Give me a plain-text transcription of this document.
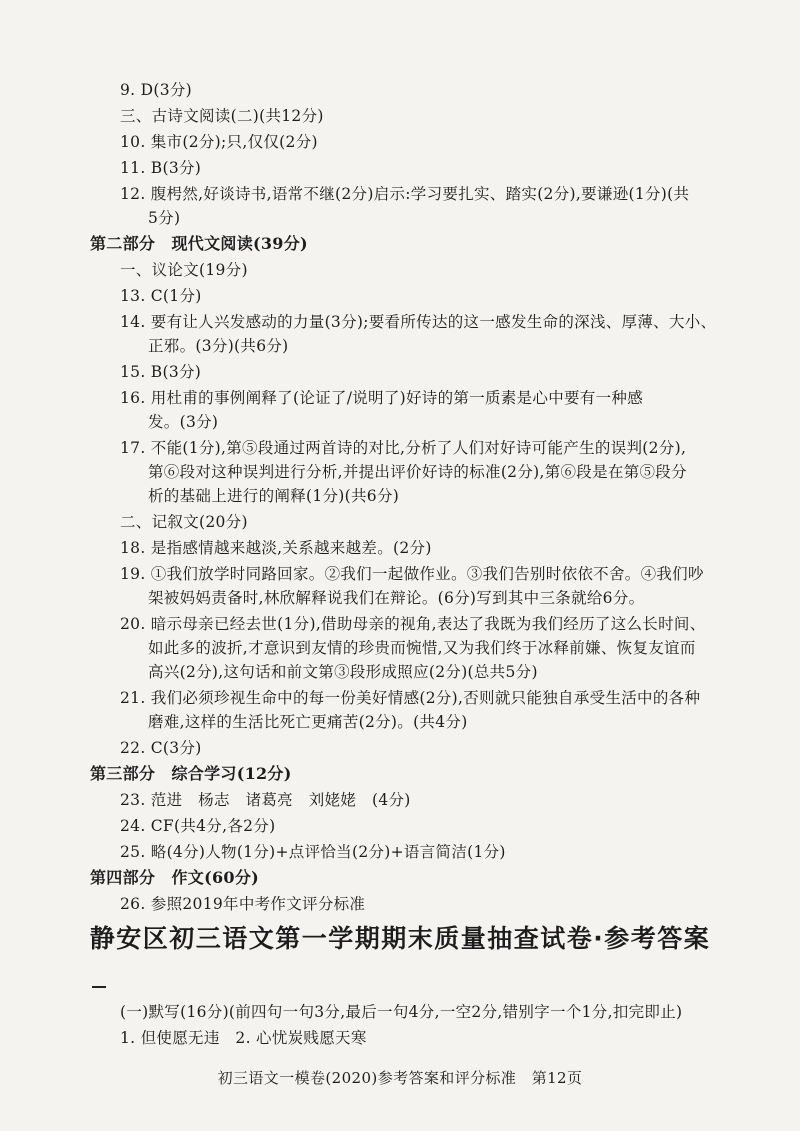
9. D(3分)
三、古诗文阅读(二)(共12分)
10. 集市(2分);只,仅仅(2分)
11. B(3分)
12. 腹枵然,好谈诗书,语常不继(2分)启示:学习要扎实、踏实(2分),要谦逊(1分)(共
5分)
第二部分　现代文阅读(39分)
一、议论文(19分)
13. C(1分)
14. 要有让人兴发感动的力量(3分);要看所传达的这一感发生命的深浅、厚薄、大小、
正邪。(3分)(共6分)
15. B(3分)
16. 用杜甫的事例阐释了(论证了/说明了)好诗的第一质素是心中要有一种感
发。(3分)
17. 不能(1分),第⑤段通过两首诗的对比,分析了人们对好诗可能产生的误判(2分),
第⑥段对这种误判进行分析,并提出评价好诗的标准(2分),第⑥段是在第⑤段分
析的基础上进行的阐释(1分)(共6分)
二、记叙文(20分)
18. 是指感情越来越淡,关系越来越差。(2分)
19. ①我们放学时同路回家。②我们一起做作业。③我们告别时依依不舍。④我们吵
架被妈妈责备时,林欣解释说我们在辩论。(6分)写到其中三条就给6分。
20. 暗示母亲已经去世(1分),借助母亲的视角,表达了我既为我们经历了这么长时间、
如此多的波折,才意识到友情的珍贵而惋惜,又为我们终于冰释前嫌、恢复友谊而
高兴(2分),这句话和前文第③段形成照应(2分)(总共5分)
21. 我们必须珍视生命中的每一份美好情感(2分),否则就只能独自承受生活中的各种
磨难,这样的生活比死亡更痛苦(2分)。(共4分)
22. C(3分)
第三部分　综合学习(12分)
23. 范进　杨志　诸葛亮　刘姥姥　(4分)
24. CF(共4分,各2分)
25. 略(4分)人物(1分)+点评恰当(2分)+语言简洁(1分)
第四部分　作文(60分)
26. 参照2019年中考作文评分标准
(一)默写(16分)(前四句一句3分,最后一句4分,一空2分,错别字一个1分,扣完即止)
1. 但使愿无违　2. 心忧炭贱愿天寒
静安区初三语文第一学期期末质量抽查试卷·参考答案
初三语文一模卷(2020)参考答案和评分标准　第12页
